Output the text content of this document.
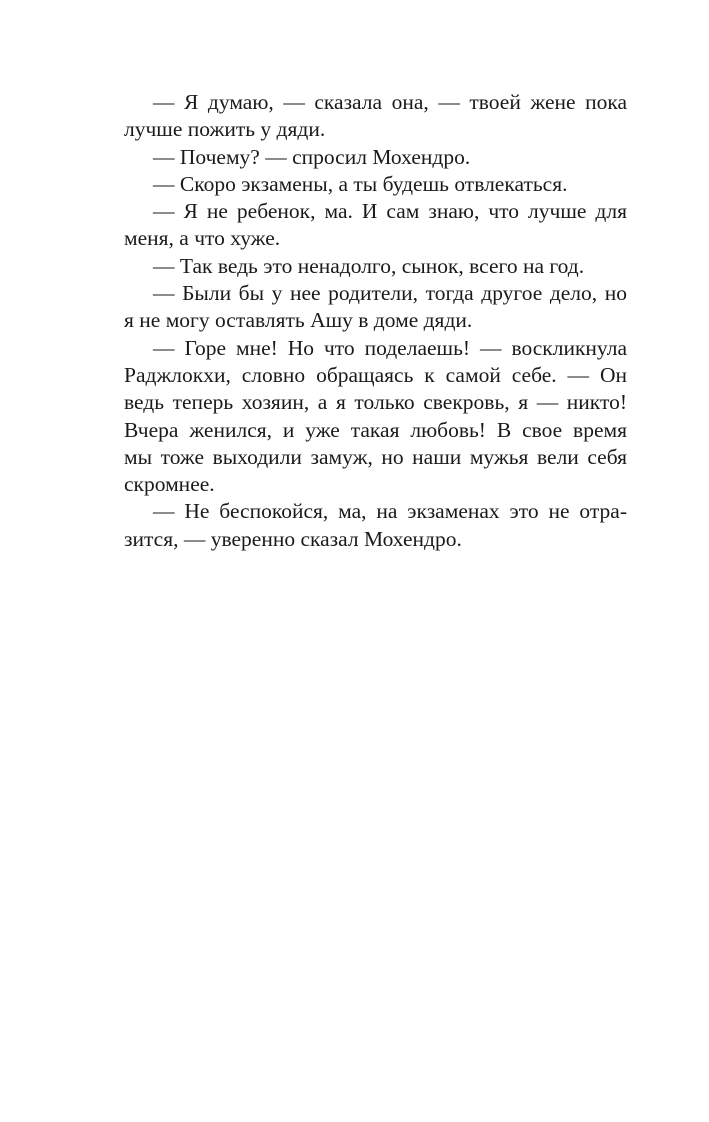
— Я думаю, — сказала она, — твоей жене пока
лучше пожить у дяди.
— Почему? — спросил Мохендро.
— Скоро экзамены, а ты будешь отвлекаться.
— Я не ребенок, ма. И сам знаю, что лучше для
меня, а что хуже.
— Так ведь это ненадолго, сынок, всего на год.
— Были бы у нее родители, тогда другое дело, но
я не могу оставлять Ашу в доме дяди.
— Горе мне! Но что поделаешь! — воскликнула
Раджлокхи, словно обращаясь к самой себе. — Он
ведь теперь хозяин, а я только свекровь, я — никто!
Вчера женился, и уже такая любовь! В свое время
мы тоже выходили замуж, но наши мужья вели себя
скромнее.
— Не беспокойся, ма, на экзаменах это не отра-
зится, — уверенно сказал Мохендро.
